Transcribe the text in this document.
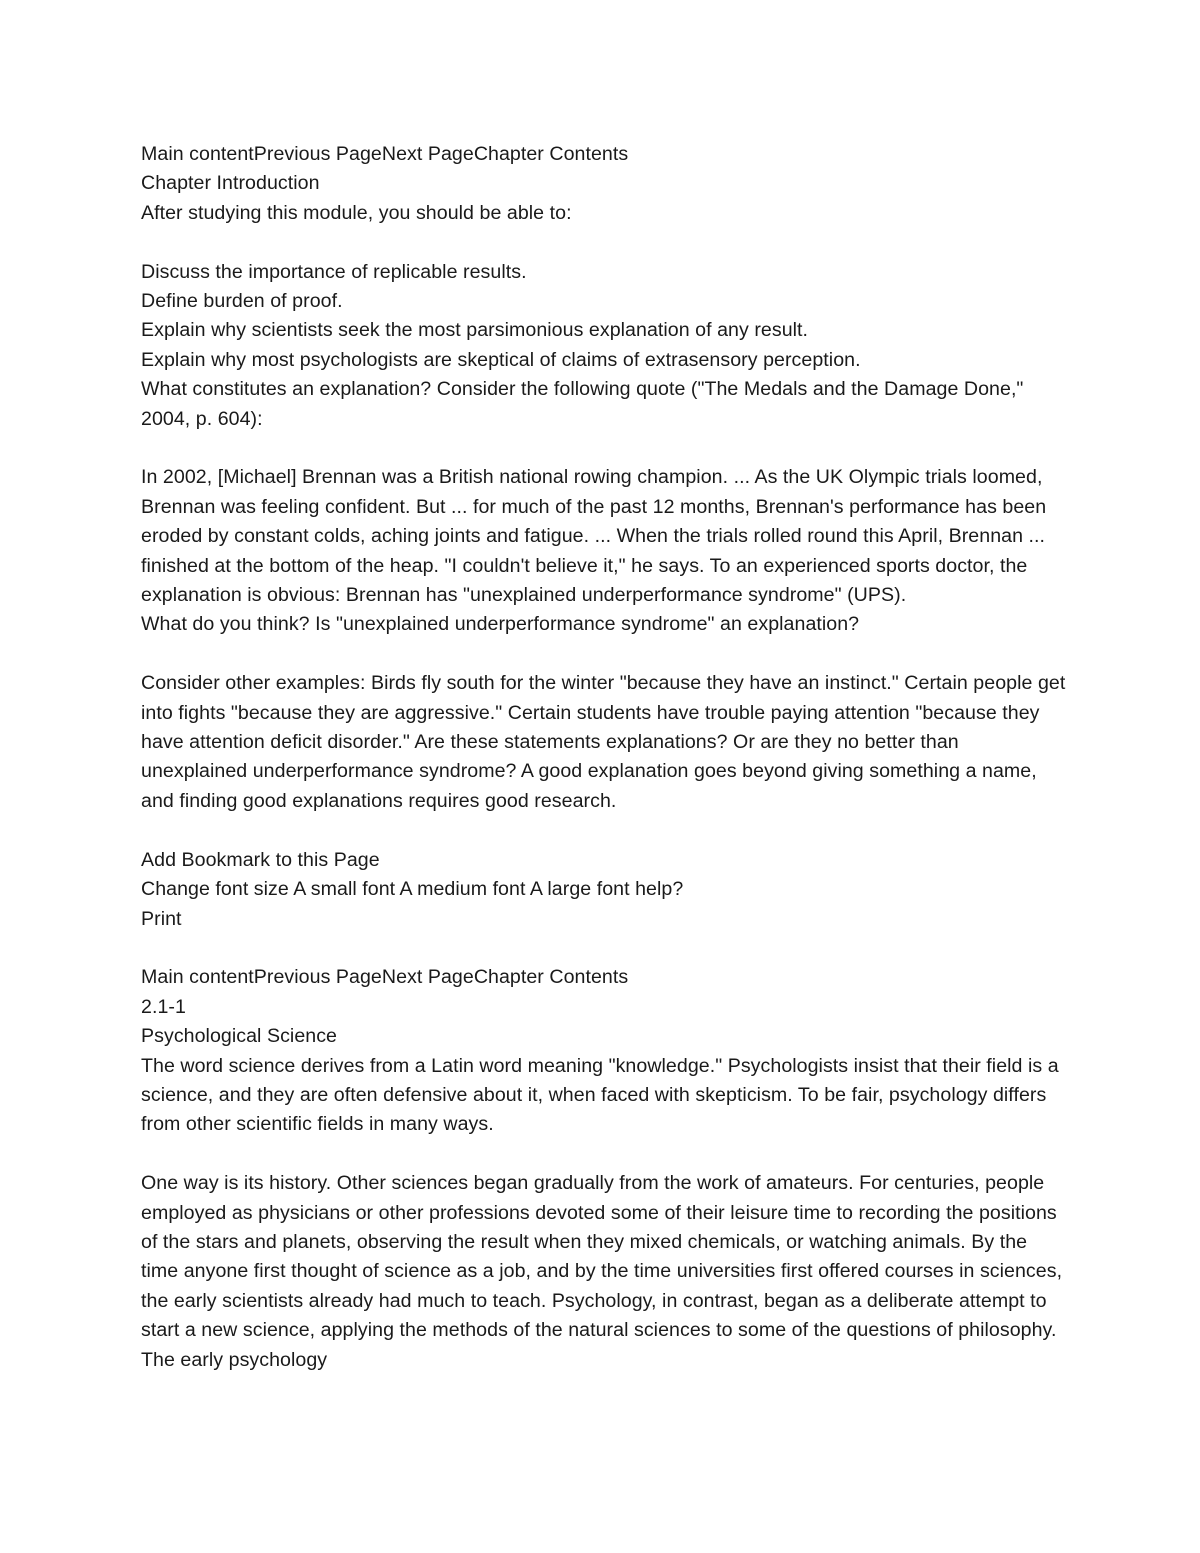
Main contentPrevious PageNext PageChapter Contents
Chapter Introduction
After studying this module, you should be able to:
Discuss the importance of replicable results.
Define burden of proof.
Explain why scientists seek the most parsimonious explanation of any result.
Explain why most psychologists are skeptical of claims of extrasensory perception.
What constitutes an explanation? Consider the following quote ("The Medals and the Damage Done," 2004, p. 604):
In 2002, [Michael] Brennan was a British national rowing champion. ... As the UK Olympic trials loomed, Brennan was feeling confident. But ... for much of the past 12 months, Brennan's performance has been eroded by constant colds, aching joints and fatigue. ... When the trials rolled round this April, Brennan ... finished at the bottom of the heap. "I couldn't believe it," he says. To an experienced sports doctor, the explanation is obvious: Brennan has "unexplained underperformance syndrome" (UPS).
What do you think? Is "unexplained underperformance syndrome" an explanation?
Consider other examples: Birds fly south for the winter "because they have an instinct." Certain people get into fights "because they are aggressive." Certain students have trouble paying attention "because they have attention deficit disorder." Are these statements explanations? Or are they no better than unexplained underperformance syndrome? A good explanation goes beyond giving something a name, and finding good explanations requires good research.
Add Bookmark to this Page
Change font size A small font A medium font A large font help?
Print
Main contentPrevious PageNext PageChapter Contents
2.1-1
Psychological Science
The word science derives from a Latin word meaning "knowledge." Psychologists insist that their field is a science, and they are often defensive about it, when faced with skepticism. To be fair, psychology differs from other scientific fields in many ways.
One way is its history. Other sciences began gradually from the work of amateurs. For centuries, people employed as physicians or other professions devoted some of their leisure time to recording the positions of the stars and planets, observing the result when they mixed chemicals, or watching animals. By the time anyone first thought of science as a job, and by the time universities first offered courses in sciences, the early scientists already had much to teach. Psychology, in contrast, began as a deliberate attempt to start a new science, applying the methods of the natural sciences to some of the questions of philosophy. The early psychology
